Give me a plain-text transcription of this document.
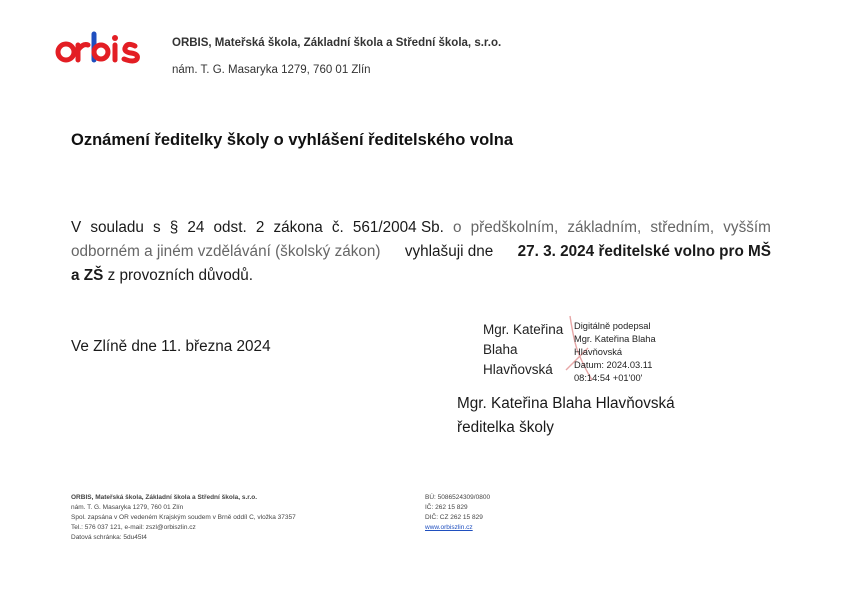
ORBIS, Mateřská škola, Základní škola a Střední škola, s.r.o.
nám. T. G. Masaryka 1279, 760 01 Zlín
Oznámení ředitelky školy o vyhlášení ředitelského volna
V souladu s § 24 odst. 2 zákona č. 561/2004 Sb. o předškolním, základním, středním, vyšším
odborném a jiném vzdělávání (školský zákon) vyhlašuji dne 27. 3. 2024 ředitelské volno pro MŠ
a ZŠ
z provozních důvodů.
Ve Zlíně dne 11. března 2024
Mgr. Kateřina
Blaha
Hlavňovská
Digitálně podepsal
Mgr. Kateřina Blaha
Hlavňovská
Datum: 2024.03.11
08:14:54 +01'00'
Mgr. Kateřina Blaha Hlavňovská
ředitelka školy
ORBIS, Mateřská škola, Základní škola a Střední škola, s.r.o.
nám. T. G. Masaryka 1279, 760 01 Zlín
Spol. zapsána v OR vedeném Krajským soudem v Brně oddíl C, vložka 37357
Tel.: 576 037 121, e-mail: zszl@orbiszlin.cz
Datová schránka: 5du45t4
BÚ: 5086524309/0800
IČ: 262 15 829
DIČ: CZ 262 15 829
www.orbiszlin.cz
